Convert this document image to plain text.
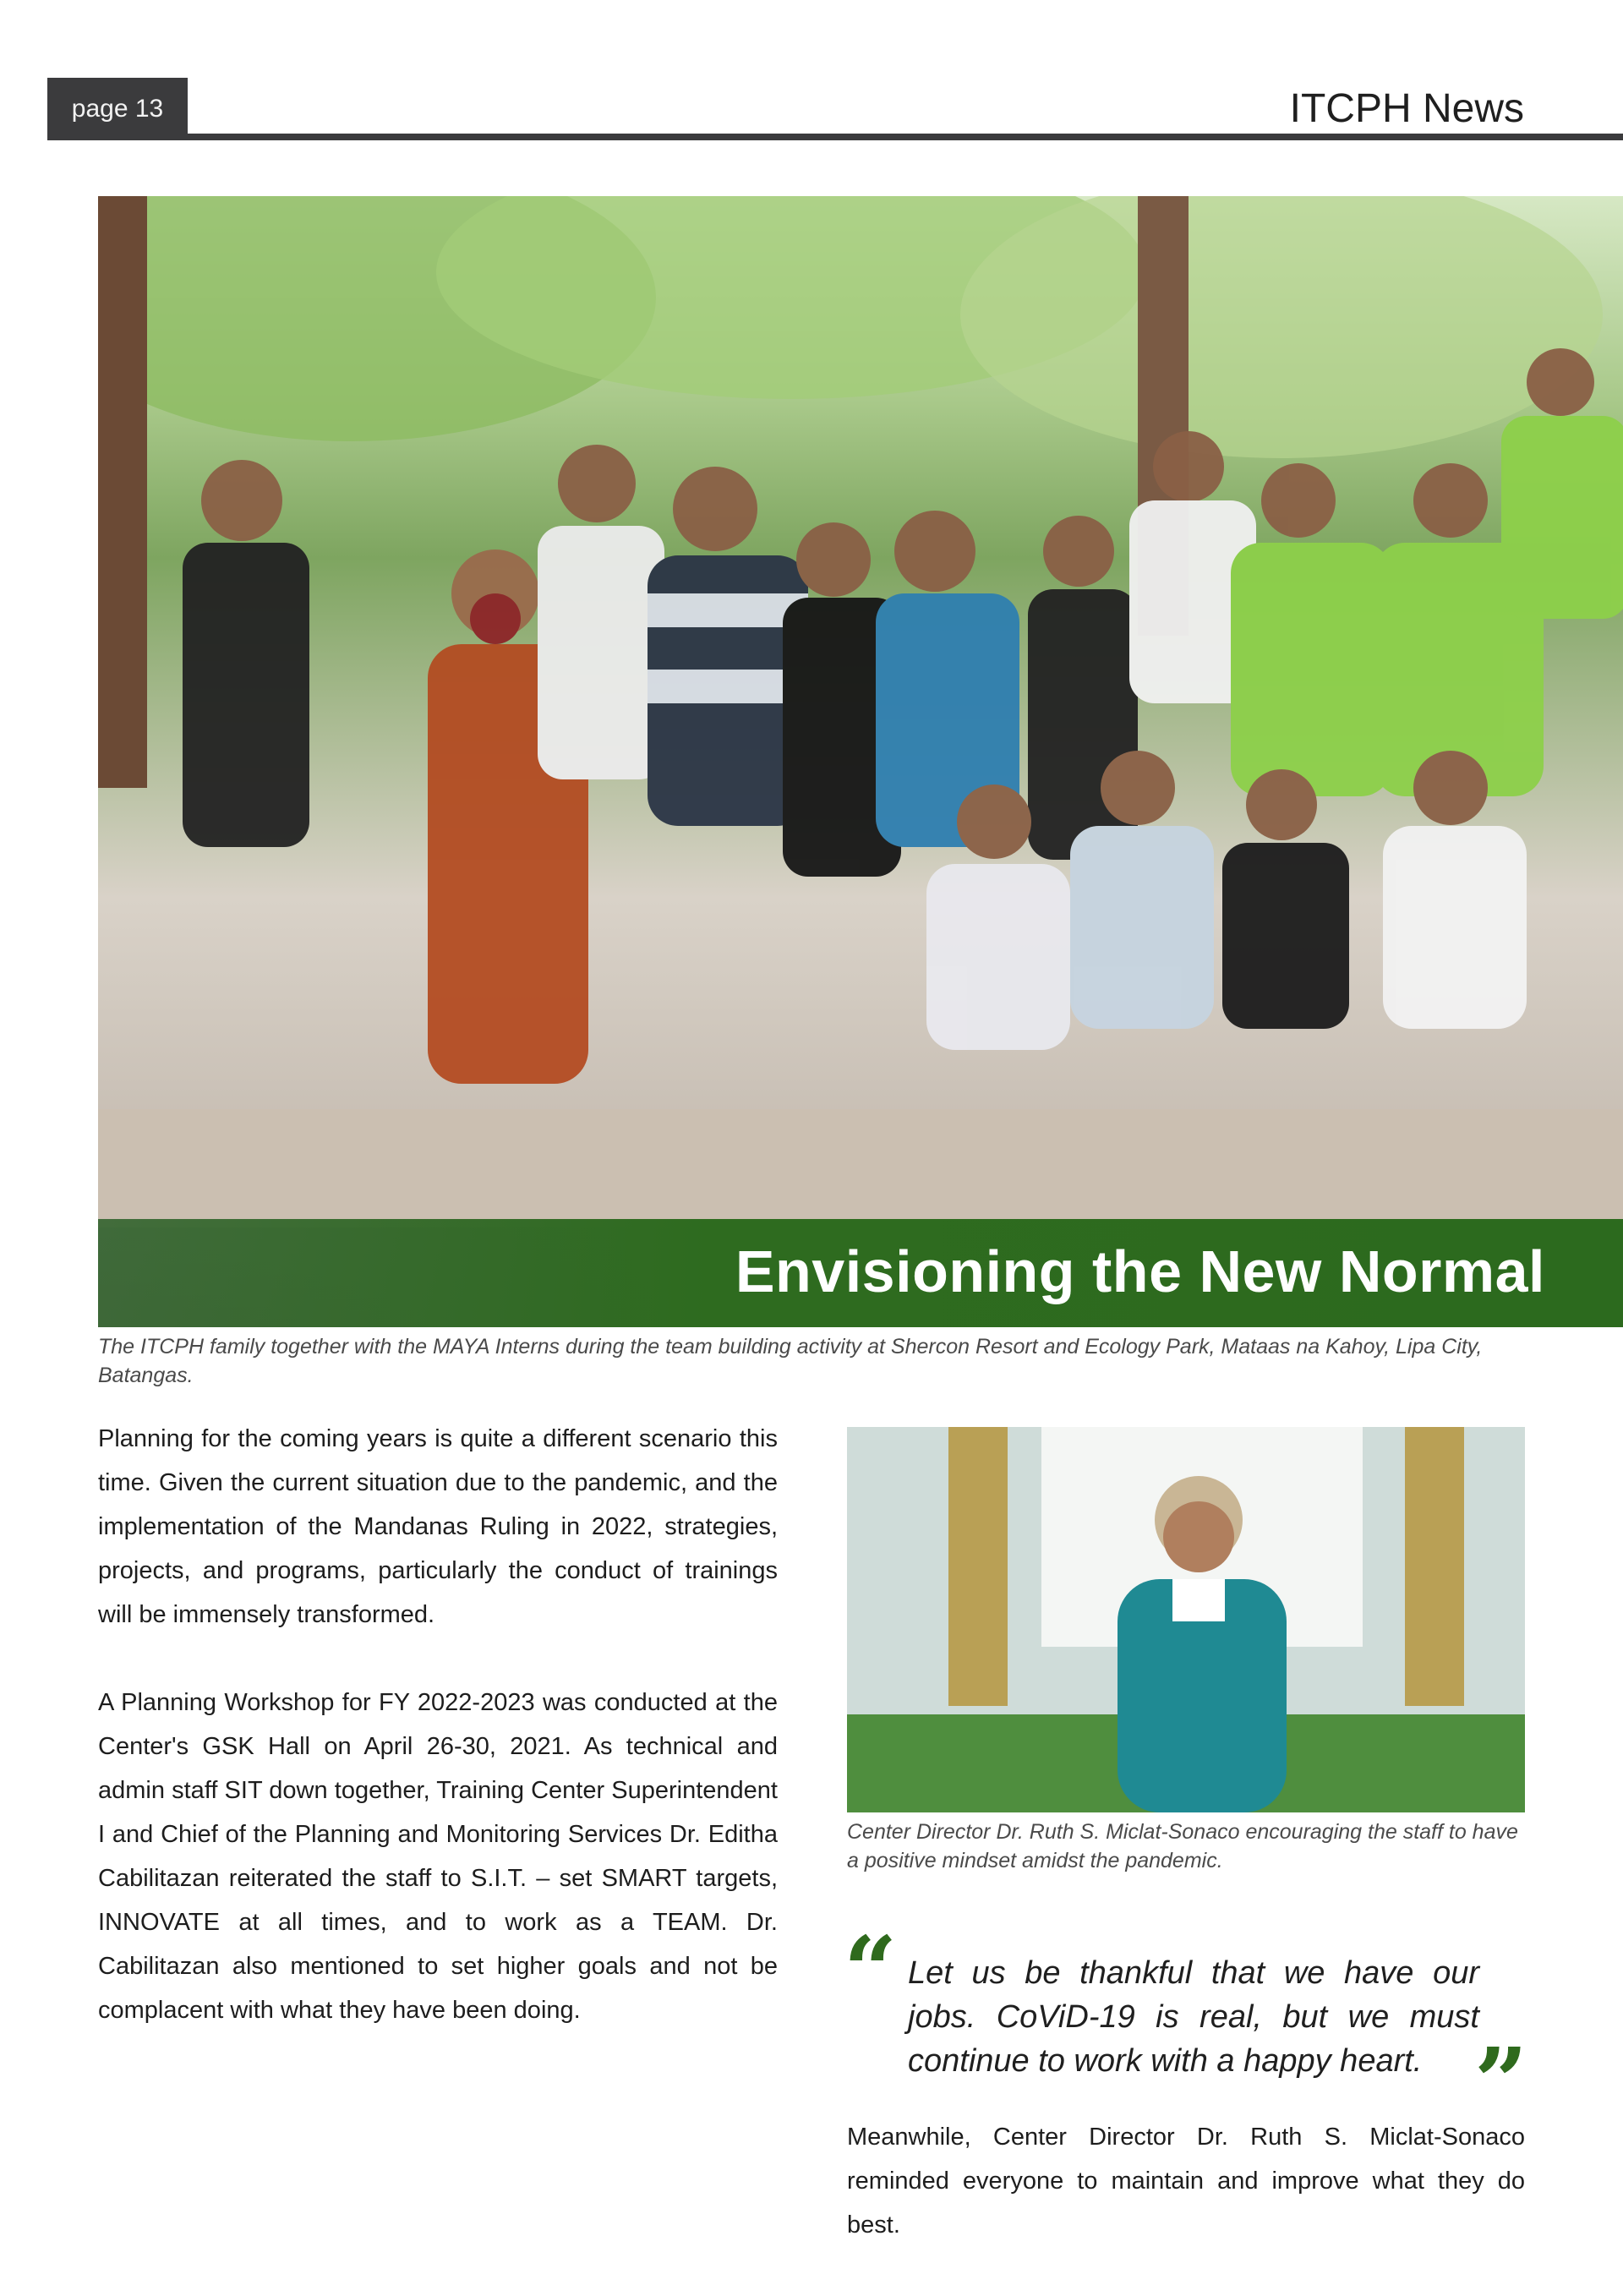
page 13	ITCPH News
Envisioning the New Normal
The ITCPH family together with the MAYA Interns during the team building activity at Shercon Resort and Ecology Park, Mataas na Kahoy, Lipa City, Batangas.

Planning for the coming years is quite a different scenario this time. Given the current situation due to the pandemic, and the implementation of the Mandanas Ruling in 2022, strategies, projects, and programs, particularly the conduct of trainings will be immensely transformed.

A Planning Workshop for FY 2022-2023 was conducted at the Center's GSK Hall on April 26-30, 2021. As technical and admin staff SIT down together, Training Center Superintendent I and Chief of the Planning and Monitoring Services Dr. Editha Cabilitazan reiterated the staff to S.I.T. – set SMART targets, INNOVATE at all times, and to work as a TEAM. Dr. Cabilitazan also mentioned to set higher goals and not be complacent with what they have been doing.

Center Director Dr. Ruth S. Miclat-Sonaco encouraging the staff to have a positive mindset amidst the pandemic.
“ Let us be thankful that we have our jobs. CoViD-19 is real, but we must continue to work with a happy heart. ”
Meanwhile, Center Director Dr. Ruth S. Miclat-Sonaco reminded everyone to maintain and improve what they do best.
